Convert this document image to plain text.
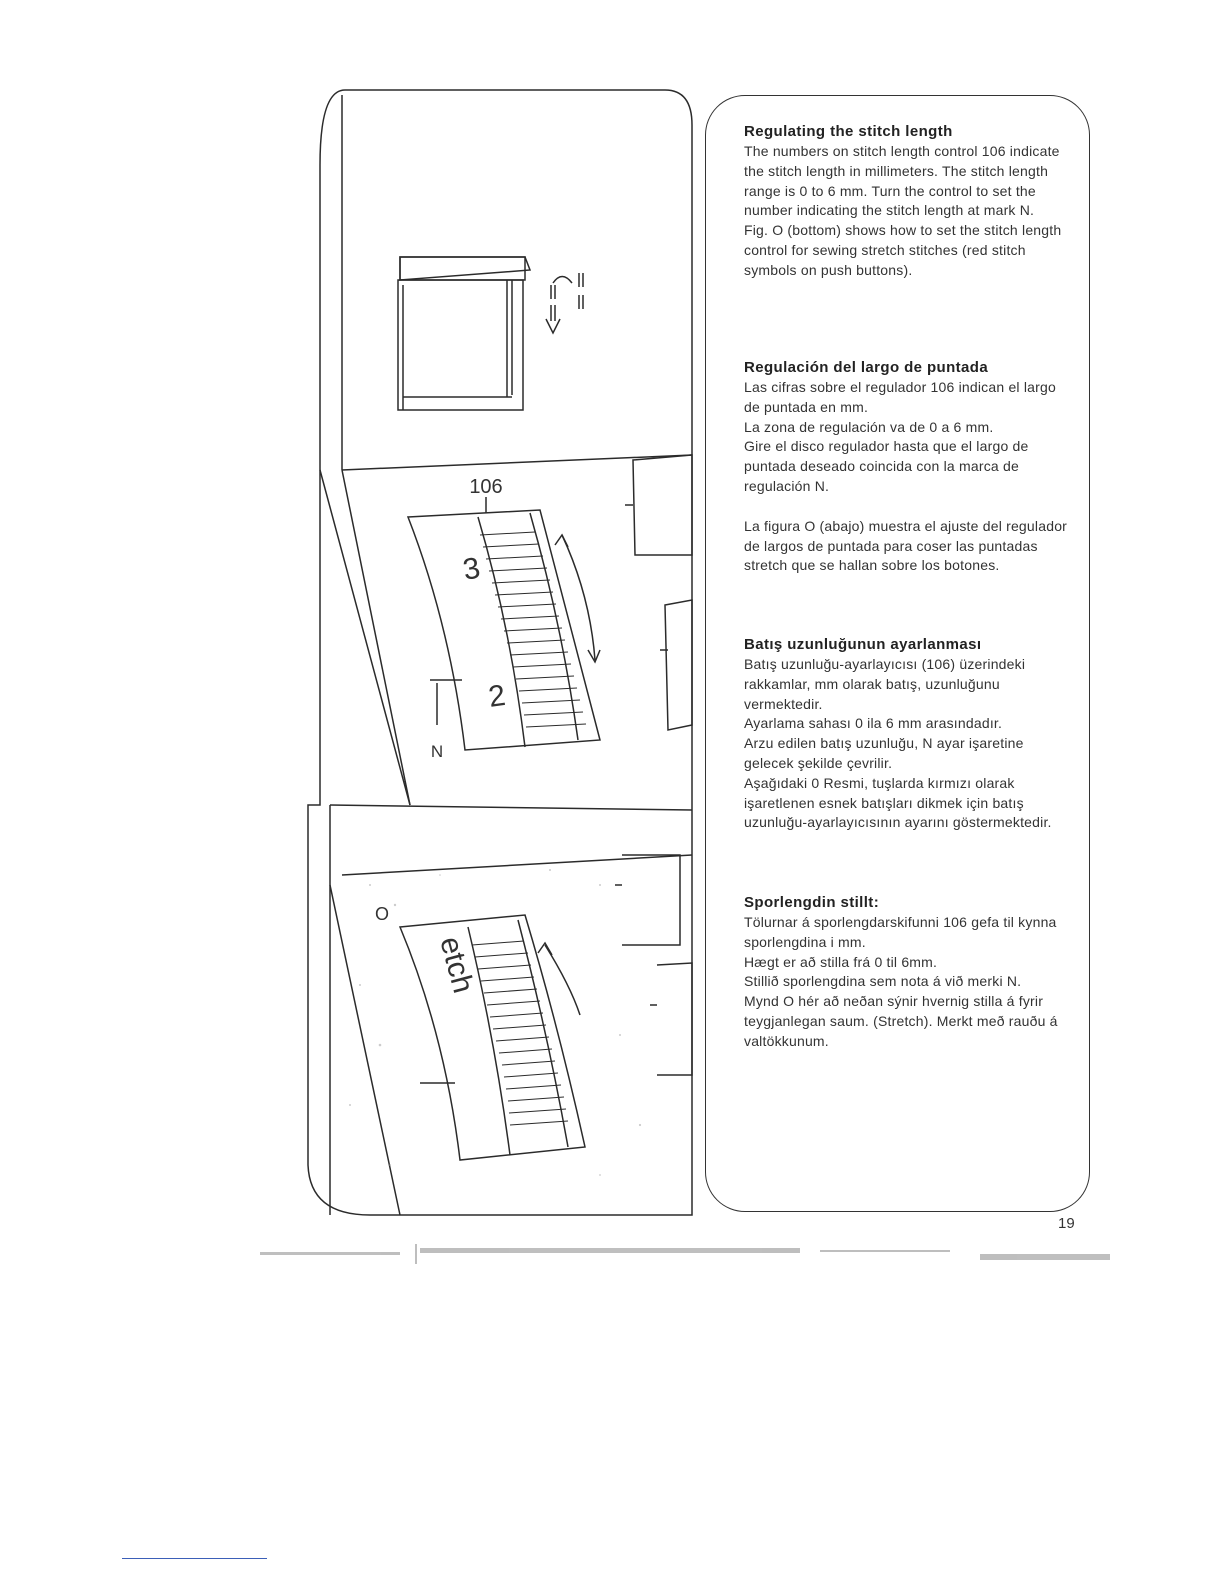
106
N
O
3
2
etch
Regulating the stitch length

The numbers on stitch length control 106 indicate the stitch length in millimeters. The stitch length range is 0 to 6 mm. Turn the control to set the number indicating the stitch length at mark N.

Fig. O (bottom) shows how to set the stitch length control for sewing stretch stitches (red stitch symbols on push buttons).

Regulación del largo de puntada

Las cifras sobre el regulador 106 indican el largo de puntada en mm.

La zona de regulación va de 0 a 6 mm.

Gire el disco regulador hasta que el largo de puntada deseado coincida con la marca de regulación N.

La figura O (abajo) muestra el ajuste del regulador de largos de puntada para coser las puntadas stretch que se hallan sobre los botones.

Batış uzunluğunun ayarlanması

Batış uzunluğu-ayarlayıcısı (106) üzerindeki rakkamlar, mm olarak batış, uzunluğunu vermektedir.

Ayarlama sahası 0 ila 6 mm arasındadır.

Arzu edilen batış uzunluğu, N ayar işaretine gelecek şekilde çevrilir.

Aşağıdaki 0 Resmi, tuşlarda kırmızı olarak işaretlenen esnek batışları dikmek için batış uzunluğu-ayarlayıcısının ayarını göstermektedir.

Sporlengdin stillt:

Tölurnar á sporlengdarskifunni 106 gefa til kynna sporlengdina i mm.

Hægt er að stilla frá 0 til 6mm.

Stillið sporlengdina sem nota á við merki N.

Mynd O hér að neðan sýnir hvernig stilla á fyrir teygjanlegan saum. (Stretch). Merkt með rauðu á valtökkunum.

19
